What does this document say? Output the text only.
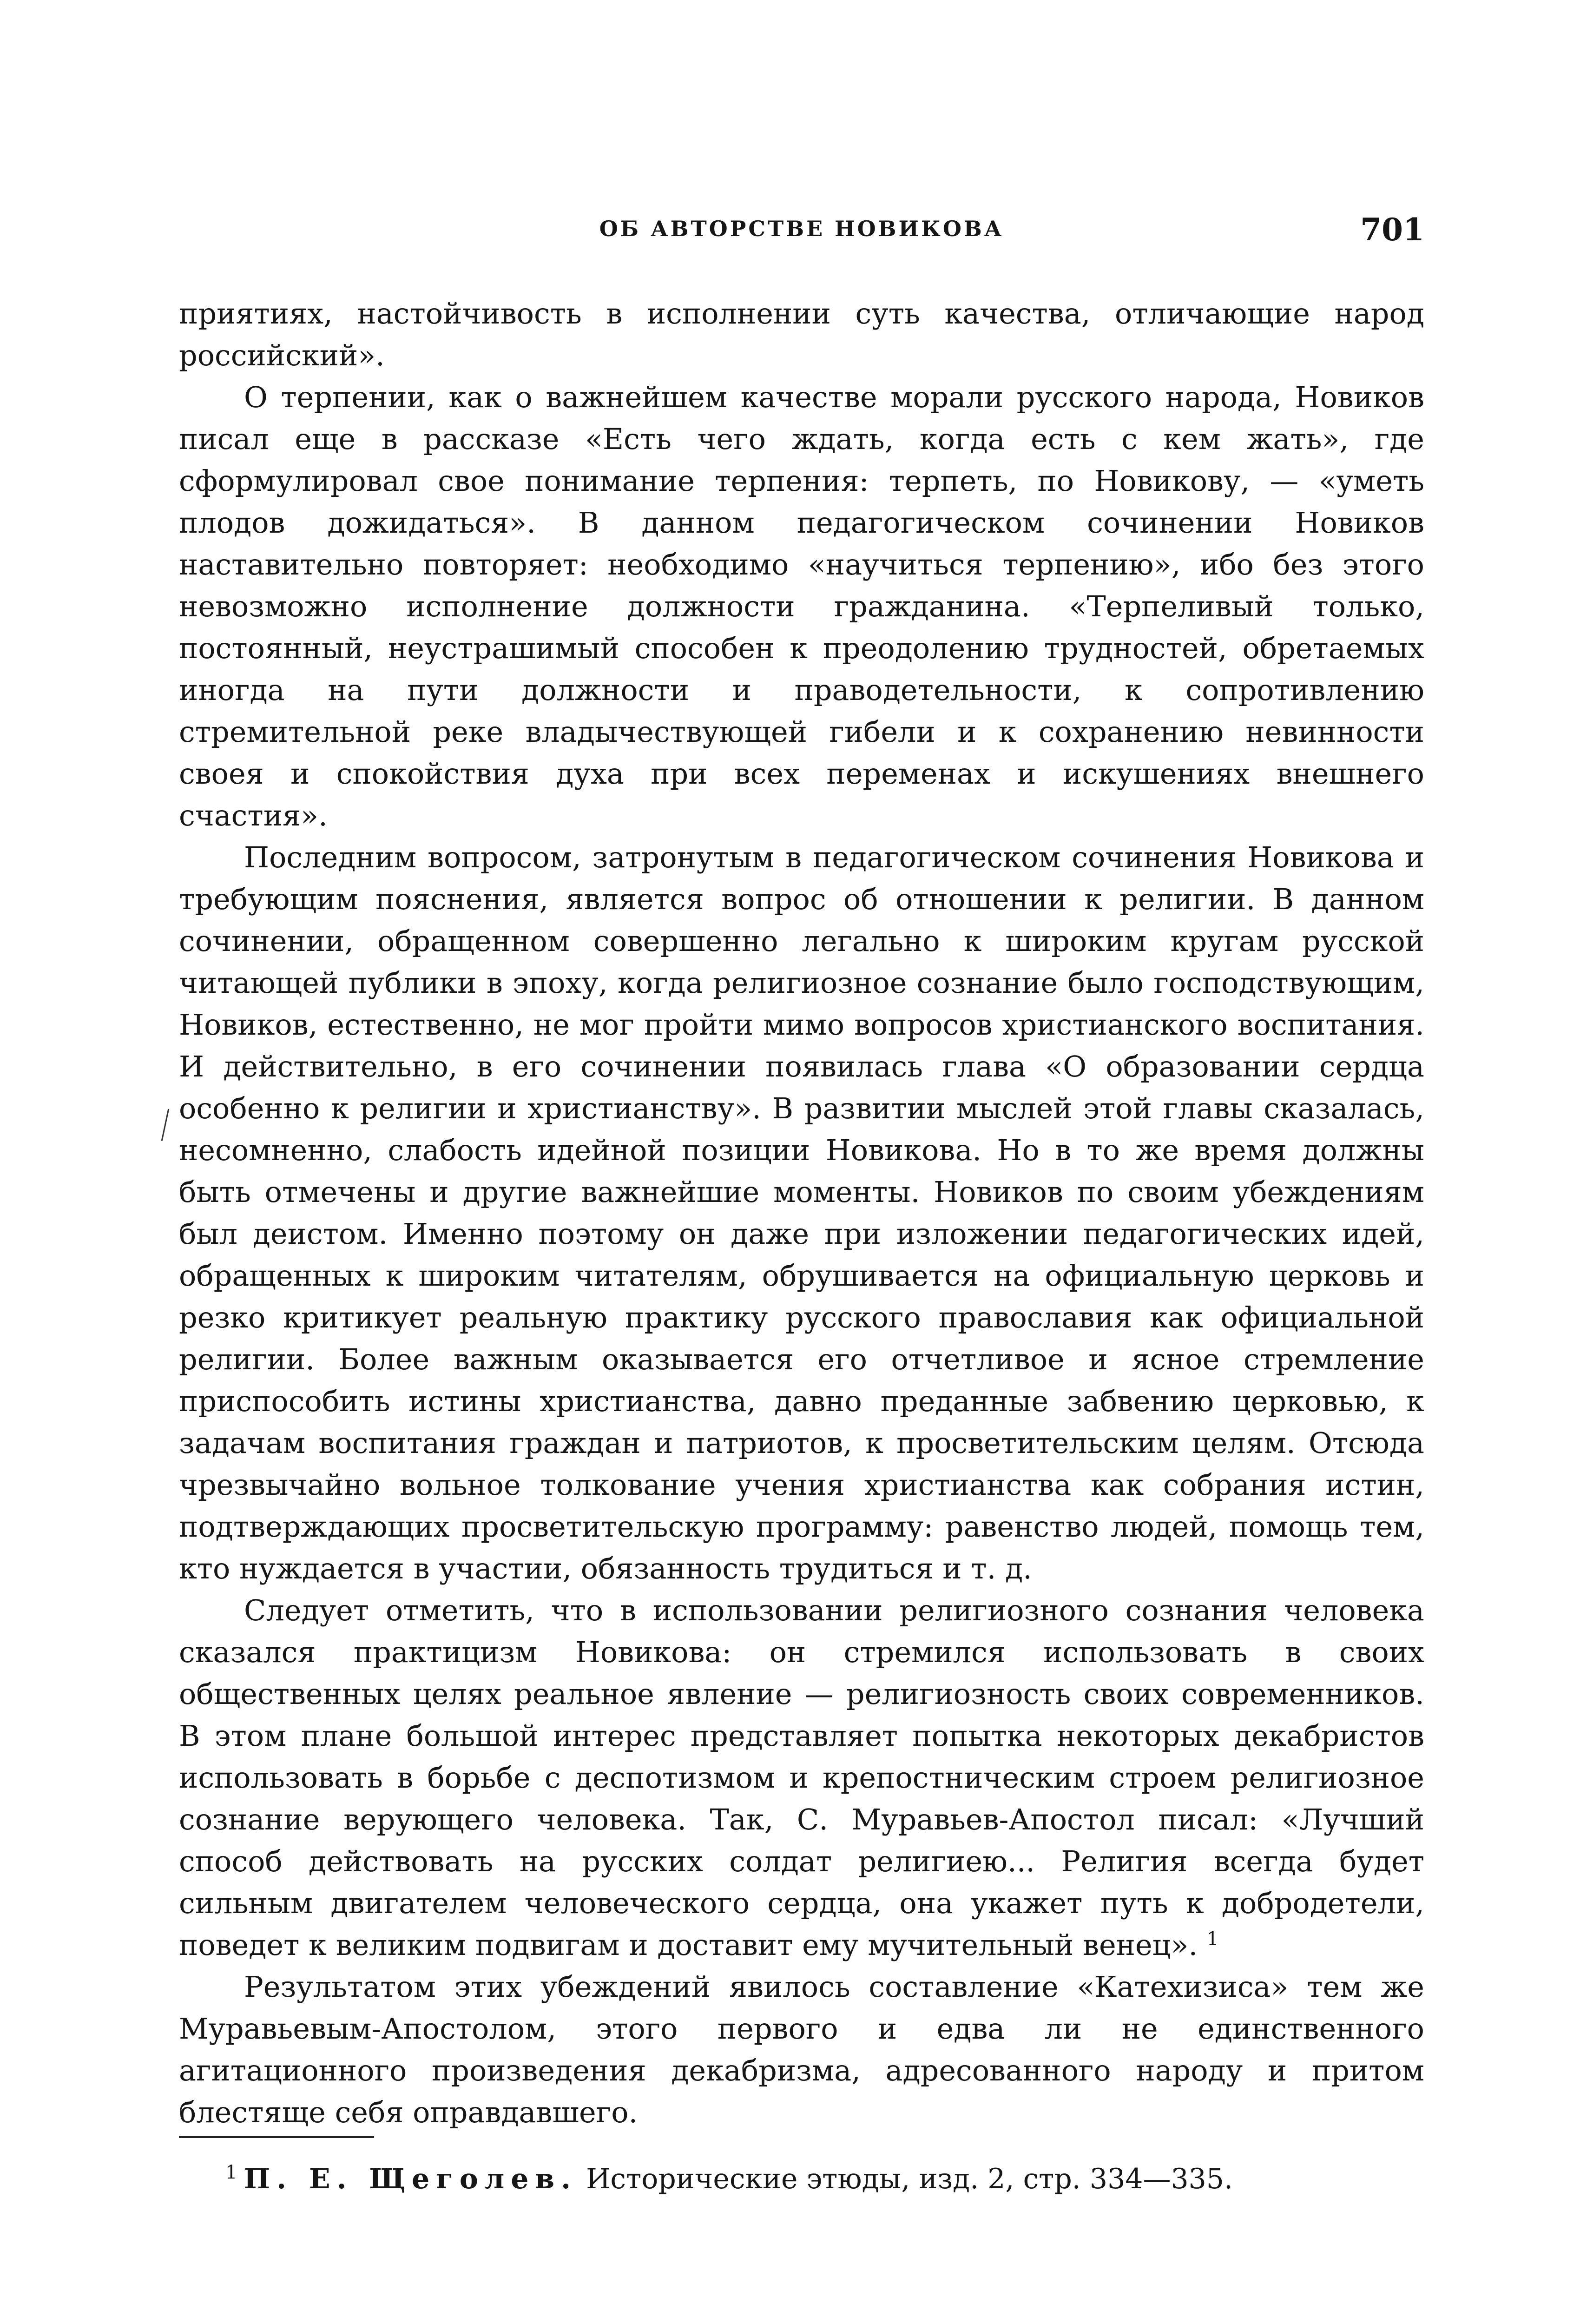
ОБ АВТОРСТВЕ НОВИКОВА	701

приятиях, настойчивость в исполнении суть качества, отличающие народ российский».

О терпении, как о важнейшем качестве морали русского народа, Новиков писал еще в рассказе «Есть чего ждать, когда есть с кем жать», где сформулировал свое понимание терпения: терпеть, по Новикову, — «уметь плодов дожидаться». В данном педагогическом сочинении Новиков наставительно повторяет: необходимо «научиться терпению», ибо без этого невозможно исполнение должности гражданина. «Терпеливый только, постоянный, неустрашимый способен к преодолению трудностей, обретаемых иногда на пути должности и праводетельности, к сопротивлению стремительной реке владычествующей гибели и к сохранению невинности своея и спокойствия духа при всех переменах и искушениях внешнего счастия».

Последним вопросом, затронутым в педагогическом сочинения Новикова и требующим пояснения, является вопрос об отношении к религии. В данном сочинении, обращенном совершенно легально к широким кругам русской читающей публики в эпоху, когда религиозное сознание было господствующим, Новиков, естественно, не мог пройти мимо вопросов христианского воспитания. И действительно, в его сочинении появилась глава «О образовании сердца особенно к религии и христианству». В развитии мыслей этой главы сказалась, несомненно, слабость идейной позиции Новикова. Но в то же время должны быть отмечены и другие важнейшие моменты. Новиков по своим убеждениям был деистом. Именно поэтому он даже при изложении педагогических идей, обращенных к широким читателям, обрушивается на официальную церковь и резко критикует реальную практику русского православия как официальной религии. Более важным оказывается его отчетливое и ясное стремление приспособить истины христианства, давно преданные забвению церковью, к задачам воспитания граждан и патриотов, к просветительским целям. Отсюда чрезвычайно вольное толкование учения христианства как собрания истин, подтверждающих просветительскую программу: равенство людей, помощь тем, кто нуждается в участии, обязанность трудиться и т. д.

Следует отметить, что в использовании религиозного сознания человека сказался практицизм Новикова: он стремился использовать в своих общественных целях реальное явление — религиозность своих современников. В этом плане большой интерес представляет попытка некоторых декабристов использовать в борьбе с деспотизмом и крепостническим строем религиозное сознание верующего человека. Так, С. Муравьев-Апостол писал: «Лучший способ действовать на русских солдат религиею... Религия всегда будет сильным двигателем человеческого сердца, она укажет путь к добродетели, поведет к великим подвигам и доставит ему мучительный венец». $^1$

Результатом этих убеждений явилось составление «Катехизиса» тем же Муравьевым-Апостолом, этого первого и едва ли не единственного агитационного произведения декабризма, адресованного народу и притом блестяще себя оправдавшего.

$^1$ П. Е. Щеголев. Исторические этюды, изд. 2, стр. 334—335.
